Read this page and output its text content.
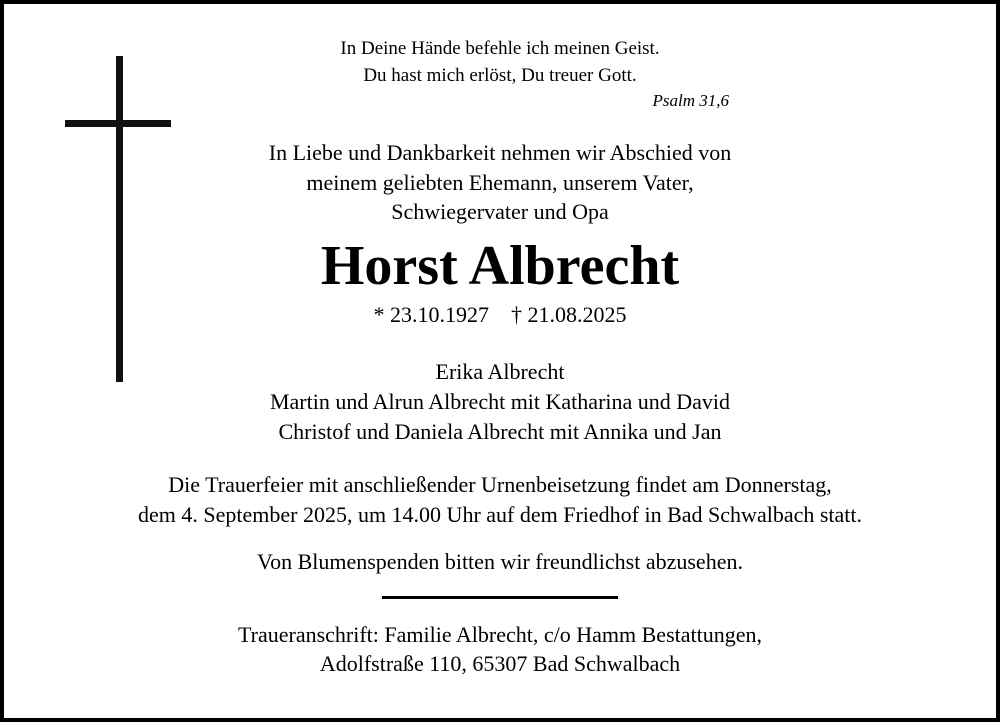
In Deine Hände befehle ich meinen Geist.
Du hast mich erlöst, Du treuer Gott.
Psalm 31,6
In Liebe und Dankbarkeit nehmen wir Abschied von
meinem geliebten Ehemann, unserem Vater,
Schwiegervater und Opa
Horst Albrecht
* 23.10.1927    † 21.08.2025
Erika Albrecht
Martin und Alrun Albrecht mit Katharina und David
Christof und Daniela Albrecht mit Annika und Jan
Die Trauerfeier mit anschließender Urnenbeisetzung findet am Donnerstag,
dem 4. September 2025, um 14.00 Uhr auf dem Friedhof in Bad Schwalbach statt.
Von Blumenspenden bitten wir freundlichst abzusehen.
Traueranschrift: Familie Albrecht, c/o Hamm Bestattungen,
Adolfstraße 110, 65307 Bad Schwalbach
